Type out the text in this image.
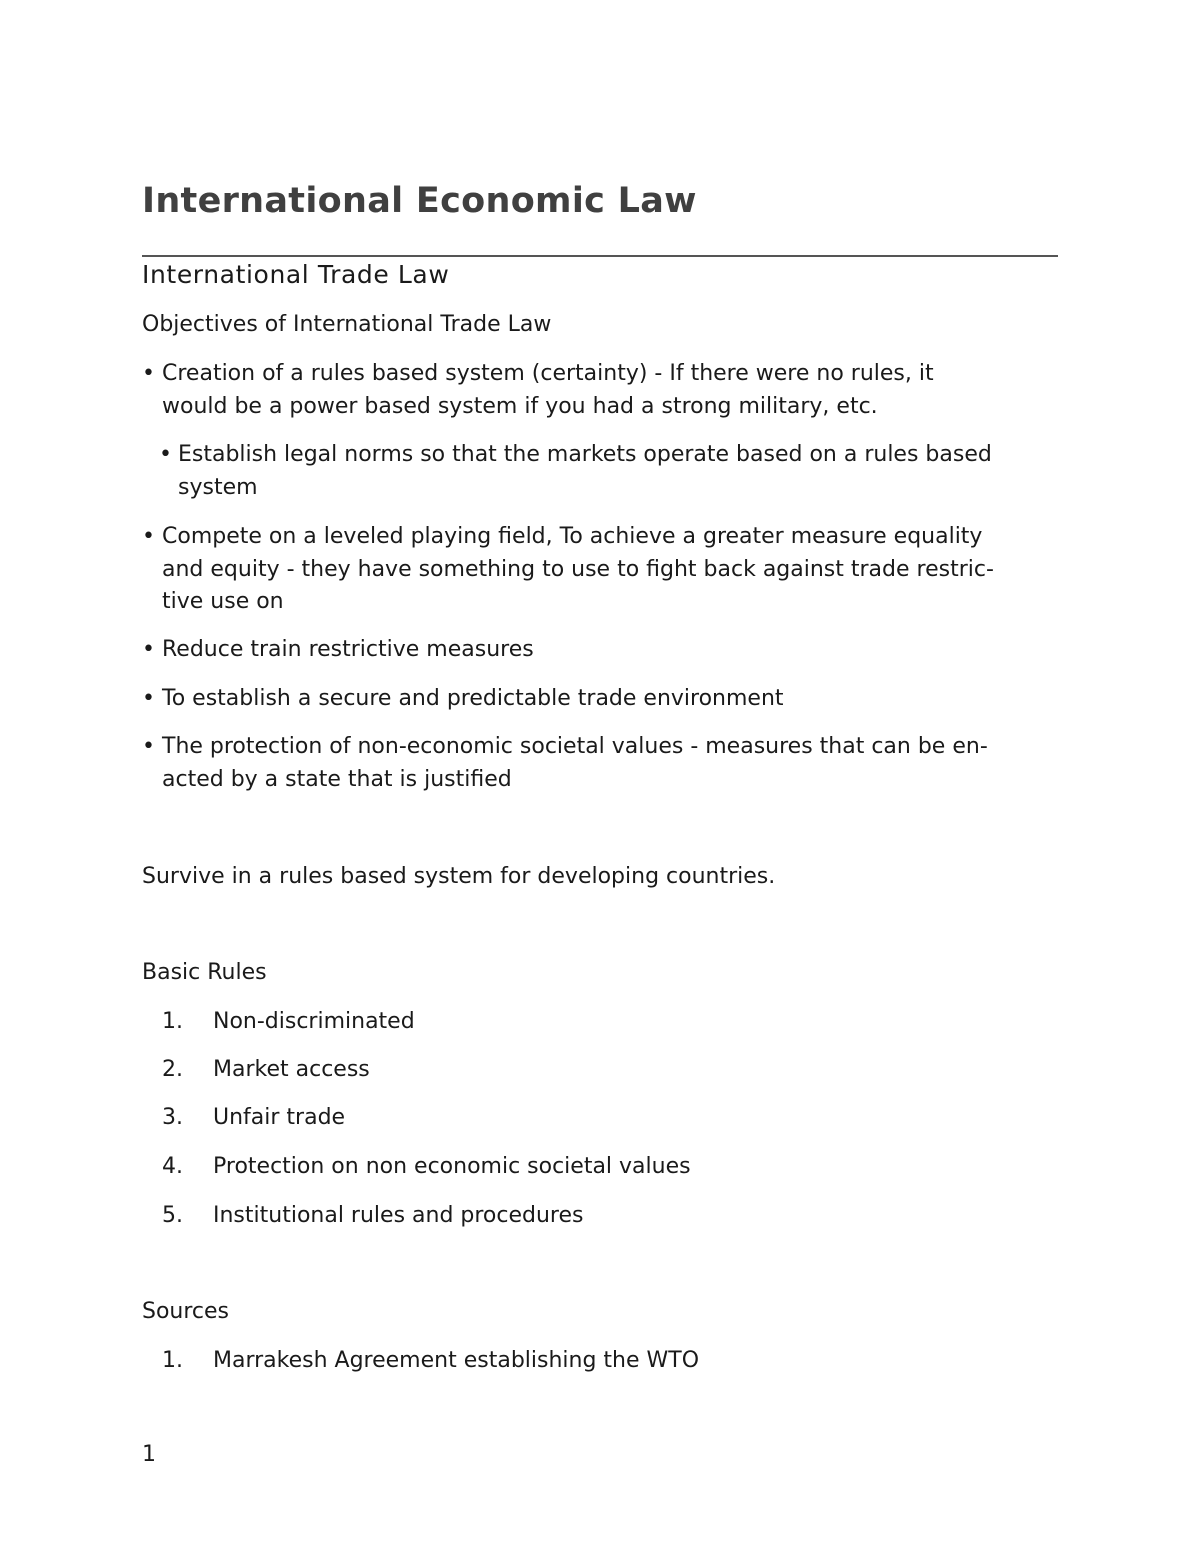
International Economic Law
International Trade Law

Objectives of International Trade Law

• Creation of a rules based system (certainty) - If there were no rules, it
would be a power based system if you had a strong military, etc.
• Establish legal norms so that the markets operate based on a rules based
system
• Compete on a leveled playing field, To achieve a greater measure equality
and equity - they have something to use to fight back against trade restric-
tive use on
• Reduce train restrictive measures
• To establish a secure and predictable trade environment
• The protection of non-economic societal values - measures that can be en-
acted by a state that is justified

Survive in a rules based system for developing countries.

Basic Rules

1. Non-discriminated
2. Market access
3. Unfair trade
4. Protection on non economic societal values
5. Institutional rules and procedures

Sources

1. Marrakesh Agreement establishing the WTO
1
